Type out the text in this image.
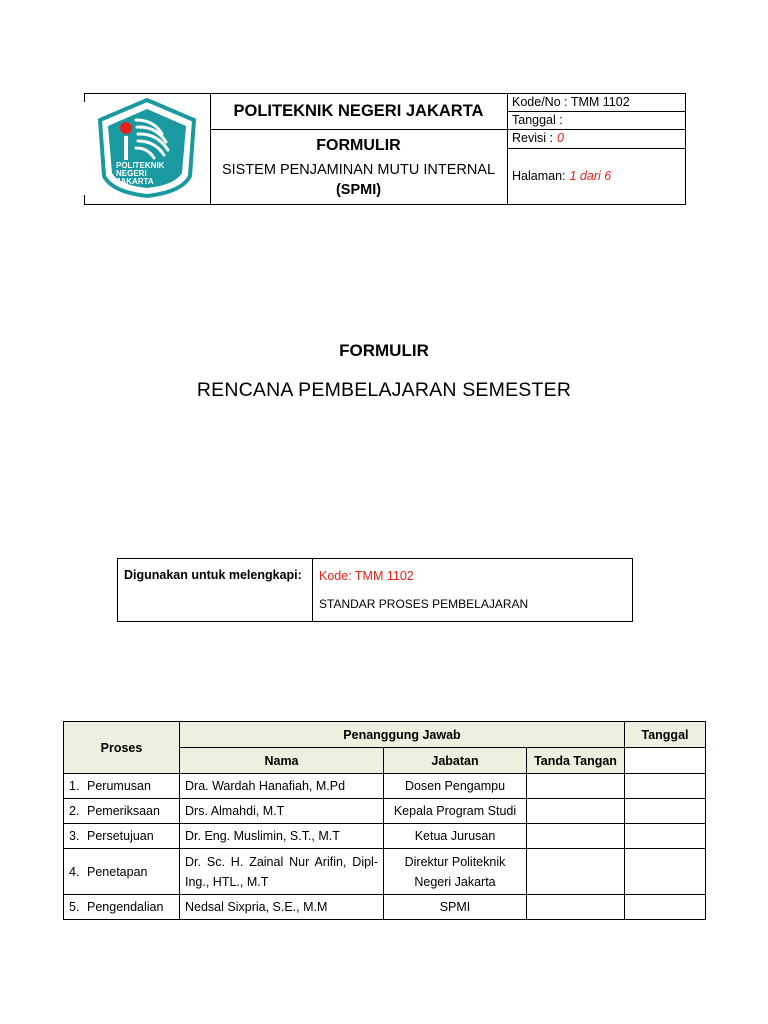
POLITEKNIK
NEGERI
JAKARTA
POLITEKNIK NEGERI JAKARTA
FORMULIR
SISTEM PENJAMINAN MUTU INTERNAL
(SPMI)
Kode/No : TMM 1102
Tanggal :
Revisi : 0
Halaman: 1 dari 6
FORMULIR
RENCANA PEMBELAJARAN SEMESTER
Digunakan untuk melengkapi:	Kode: TMM 1102
STANDAR PROSES PEMBELAJARAN
Proses	Penanggung Jawab			Tanggal
	Nama	Jabatan	Tanda Tangan	
1. Perumusan	Dra. Wardah Hanafiah, M.Pd	Dosen Pengampu		
2. Pemeriksaan	Drs. Almahdi, M.T	Kepala Program Studi		
3. Persetujuan	Dr. Eng. Muslimin, S.T., M.T	Ketua Jurusan		
4. Penetapan	Dr. Sc. H. Zainal Nur Arifin, Dipl-Ing., HTL., M.T	Direktur Politeknik Negeri Jakarta		
5. Pengendalian	Nedsal Sixpria, S.E., M.M	SPMI		
